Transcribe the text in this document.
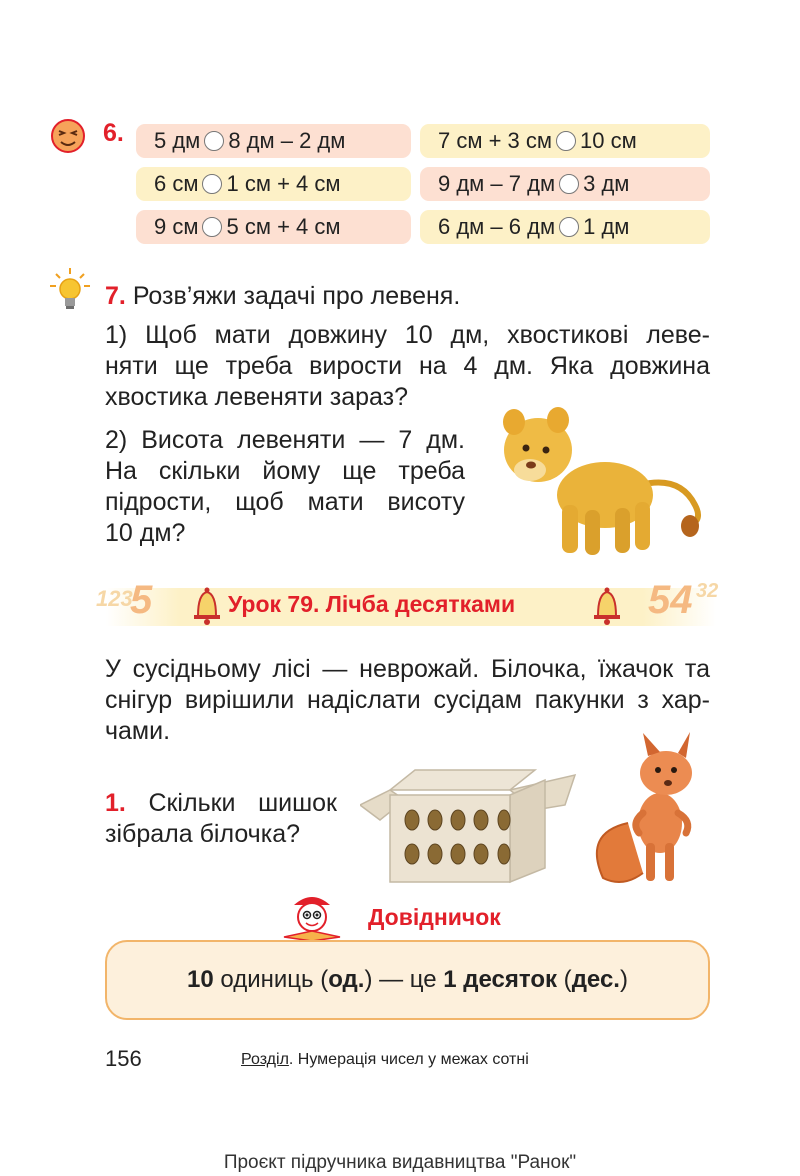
6. 5 дм 8 дм – 2 дм	7 см + 3 см 10 см
6 см 1 см + 4 см	9 дм – 7 дм 3 дм
9 см 5 см + 4 см	6 дм – 6 дм 1 дм
7. Розв’яжи задачі про левеня.
1) Щоб мати довжину 10 дм, хвостикові леве-
няти ще треба вирости на 4 дм. Яка довжина
хвостика левеняти зараз?
2) Висота левеняти — 7 дм.
На скільки йому ще треба
підрости, щоб мати висоту
10 дм?
123
5	Урок 79. Лічба десятками	54 32
У сусідньому лісі — неврожай. Білочка, їжачок та
снігур вирішили надіслати сусідам пакунки з хар-
чами.
1. Скільки шишок
зібрала білочка?
Довідничок
10 одиниць (од.) — це 1 десяток (дес.)
156	Розділ. Нумерація чисел у межах сотні
Проєкт підручника видавництва "Ранок"
